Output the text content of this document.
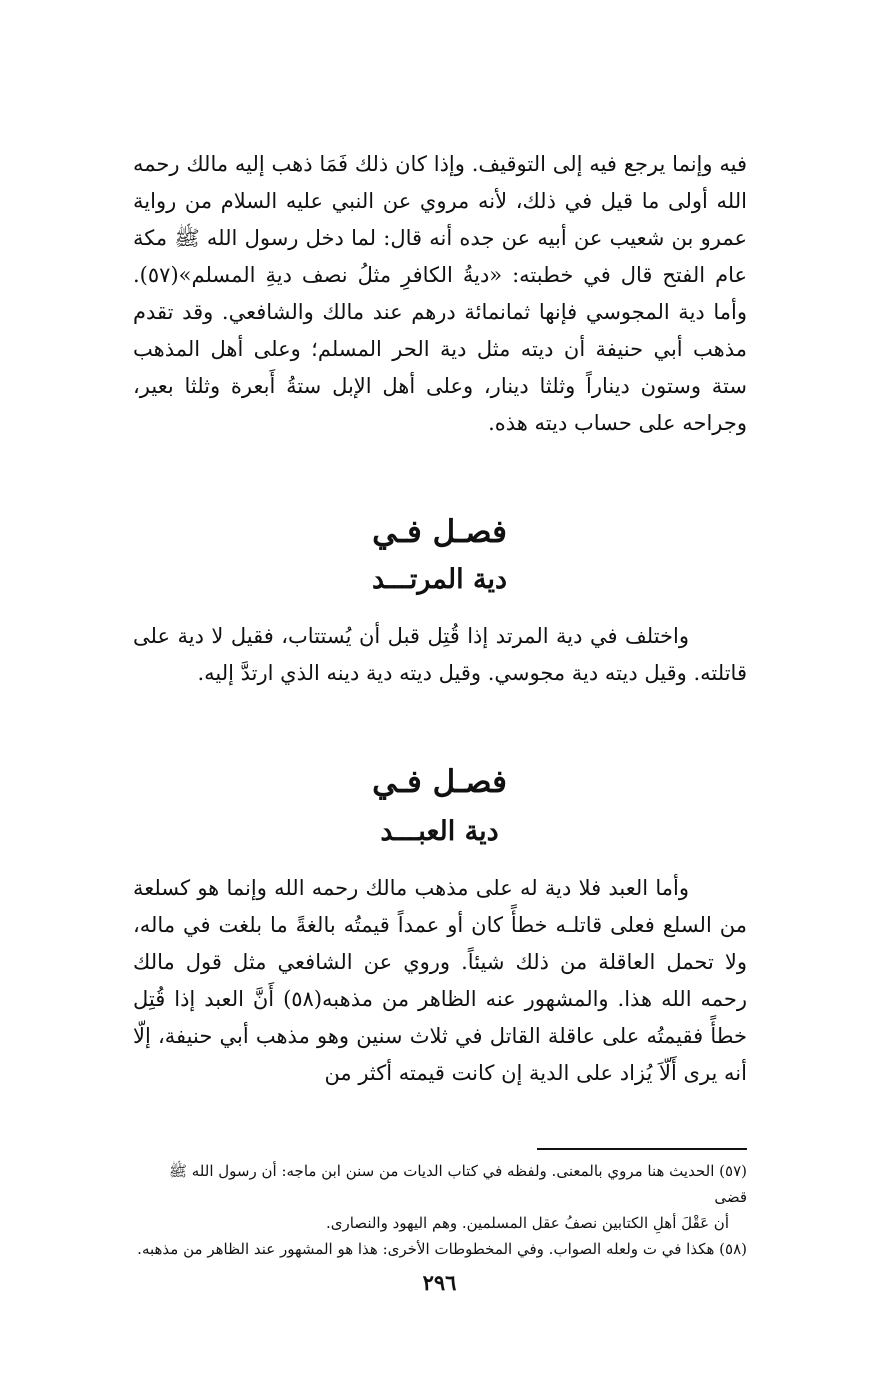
فيه وإنما يرجع فيه إلى التوقيف. وإذا كان ذلك فَمَا ذهب إليه مالك رحمه الله أولى ما قيل في ذلك، لأنه مروي عن النبي عليه السلام من رواية عمرو بن شعيب عن أبيه عن جده أنه قال: لما دخل رسول الله ﷺ مكة عام الفتح قال في خطبته: «ديةُ الكافرِ مثلُ نصف ديةِ المسلم»(٥٧). وأما دية المجوسي فإنها ثمانمائة درهم عند مالك والشافعي. وقد تقدم مذهب أبي حنيفة أن ديته مثل دية الحر المسلم؛ وعلى أهل المذهب ستة وستون ديناراً وثلثا دينار، وعلى أهل الإبل ستةُ أَبعرة وثلثا بعير، وجراحه على حساب ديته هذه.

فصـل فـي
دية المرتـــد

واختلف في دية المرتد إذا قُتِل قبل أن يُستتاب، فقيل لا دية على قاتلته. وقيل ديته دية مجوسي. وقيل ديته دية دينه الذي ارتدَّ إليه.

فصـل فـي
دية العبـــد

وأما العبد فلا دية له على مذهب مالك رحمه الله وإنما هو كسلعة من السلع فعلى قاتلـه خطأً كان أو عمداً قيمتُه بالغةً ما بلغت في ماله، ولا تحمل العاقلة من ذلك شيئاً. وروي عن الشافعي مثل قول مالك رحمه الله هذا. والمشهور عنه الظاهر من مذهبه(٥٨) أَنَّ العبد إذا قُتِل خطأً فقيمتُه على عاقلة القاتل في ثلاث سنين وهو مذهب أبي حنيفة، إلّا أنه يرى أَلّاَ يُزاد على الدية إن كانت قيمته أكثر من

(٥٧) الحديث هنا مروي بالمعنى. ولفظه في كتاب الديات من سنن ابن ماجه: أن رسول الله ﷺ قضى

أن عَقْلَ أهلِ الكتابين نصفُ عقل المسلمين. وهم اليهود والنصارى.

(٥٨) هكذا في ت ولعله الصواب. وفي المخطوطات الأخرى: هذا هو المشهور عند الظاهر من مذهبه.

٢٩٦
